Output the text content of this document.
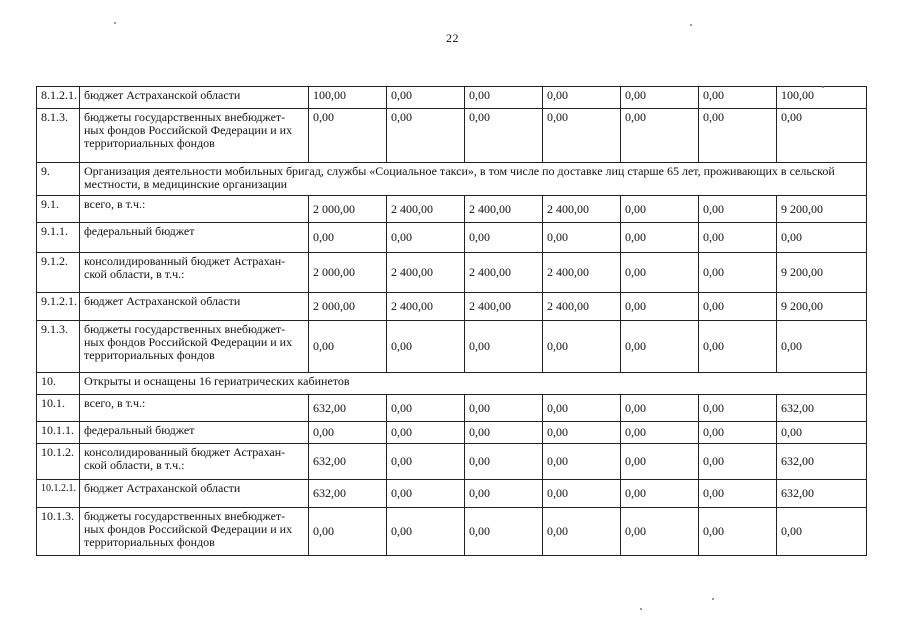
22
8.1.2.1.	бюджет Астраханской области	100,00	0,00	0,00	0,00	0,00	0,00	100,00
8.1.3.	бюджеты государственных внебюджет-ных фондов Российской Федерации и их территориальных фондов	0,00	0,00	0,00	0,00	0,00	0,00	0,00
9.	Организация деятельности мобильных бригад, службы «Социальное такси», в том числе по доставке лиц старше 65 лет, проживающих в сельской местности, в медицинские организации							
9.1.	всего, в т.ч.:	2 000,00	2 400,00	2 400,00	2 400,00	0,00	0,00	9 200,00
9.1.1.	федеральный бюджет	0,00	0,00	0,00	0,00	0,00	0,00	0,00
9.1.2.	консолидированный бюджет Астрахан-ской области, в т.ч.:	2 000,00	2 400,00	2 400,00	2 400,00	0,00	0,00	9 200,00
9.1.2.1.	бюджет Астраханской области	2 000,00	2 400,00	2 400,00	2 400,00	0,00	0,00	9 200,00
9.1.3.	бюджеты государственных внебюджет-ных фондов Российской Федерации и их территориальных фондов	0,00	0,00	0,00	0,00	0,00	0,00	0,00
10.	Открыты и оснащены 16 гериатрических кабинетов							
10.1.	всего, в т.ч.:	632,00	0,00	0,00	0,00	0,00	0,00	632,00
10.1.1.	федеральный бюджет	0,00	0,00	0,00	0,00	0,00	0,00	0,00
10.1.2.	консолидированный бюджет Астрахан-ской области, в т.ч.:	632,00	0,00	0,00	0,00	0,00	0,00	632,00
10.1.2.1.	бюджет Астраханской области	632,00	0,00	0,00	0,00	0,00	0,00	632,00
10.1.3.	бюджеты государственных внебюджет-ных фондов Российской Федерации и их территориальных фондов	0,00	0,00	0,00	0,00	0,00	0,00	0,00
